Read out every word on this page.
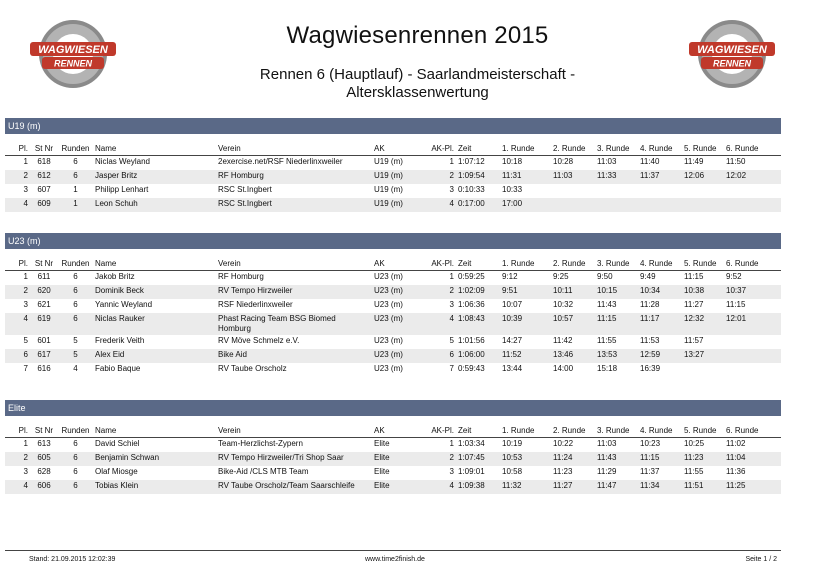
WAGWIESEN
RENNEN
WAGWIESEN
RENNEN
Wagwiesenrennen 2015
Rennen 6 (Hauptlauf) - Saarlandmeisterschaft - Altersklassenwertung
U19 (m)
Pl.	St Nr	Runden	Name	Verein	AK	AK-Pl.	Zeit	1. Runde	2. Runde	3. Runde	4. Runde	5. Runde	6. Runde
1	618	6	Niclas Weyland	2exercise.net/RSF Niederlinxweiler	U19 (m)	1	1:07:12	10:18	10:28	11:03	11:40	11:49	11:50
2	612	6	Jasper Britz	RF Homburg	U19 (m)	2	1:09:54	11:31	11:03	11:33	11:37	12:06	12:02
3	607	1	Philipp Lenhart	RSC St.Ingbert	U19 (m)	3	0:10:33	10:33					
4	609	1	Leon Schuh	RSC St.Ingbert	U19 (m)	4	0:17:00	17:00					
U23 (m)
Pl.	St Nr	Runden	Name	Verein	AK	AK-Pl.	Zeit	1. Runde	2. Runde	3. Runde	4. Runde	5. Runde	6. Runde
1	611	6	Jakob Britz	RF Homburg	U23 (m)	1	0:59:25	9:12	9:25	9:50	9:49	11:15	9:52
2	620	6	Dominik Beck	RV Tempo Hirzweiler	U23 (m)	2	1:02:09	9:51	10:11	10:15	10:34	10:38	10:37
3	621	6	Yannic Weyland	RSF Niederlinxweiler	U23 (m)	3	1:06:36	10:07	10:32	11:43	11:28	11:27	11:15
4	619	6	Niclas Rauker	Phast Racing Team BSG Biomed Homburg	U23 (m)	4	1:08:43	10:39	10:57	11:15	11:17	12:32	12:01
5	601	5	Frederik Veith	RV Möve Schmelz e.V.	U23 (m)	5	1:01:56	14:27	11:42	11:55	11:53	11:57	
6	617	5	Alex Eid	Bike Aid	U23 (m)	6	1:06:00	11:52	13:46	13:53	12:59	13:27	
7	616	4	Fabio Baque	RV Taube Orscholz	U23 (m)	7	0:59:43	13:44	14:00	15:18	16:39		
Elite
Pl.	St Nr	Runden	Name	Verein	AK	AK-Pl.	Zeit	1. Runde	2. Runde	3. Runde	4. Runde	5. Runde	6. Runde
1	613	6	David Schiel	Team-Herzlichst-Zypern	Elite	1	1:03:34	10:19	10:22	11:03	10:23	10:25	11:02
2	605	6	Benjamin Schwan	RV Tempo Hirzweiler/Tri Shop Saar	Elite	2	1:07:45	10:53	11:24	11:43	11:15	11:23	11:04
3	628	6	Olaf Miosge	Bike-Aid /CLS MTB Team	Elite	3	1:09:01	10:58	11:23	11:29	11:37	11:55	11:36
4	606	6	Tobias Klein	RV Taube Orscholz/Team Saarschleife	Elite	4	1:09:38	11:32	11:27	11:47	11:34	11:51	11:25
Stand: 21.09.2015 12:02:39	www.time2finish.de	Seite 1 / 2
